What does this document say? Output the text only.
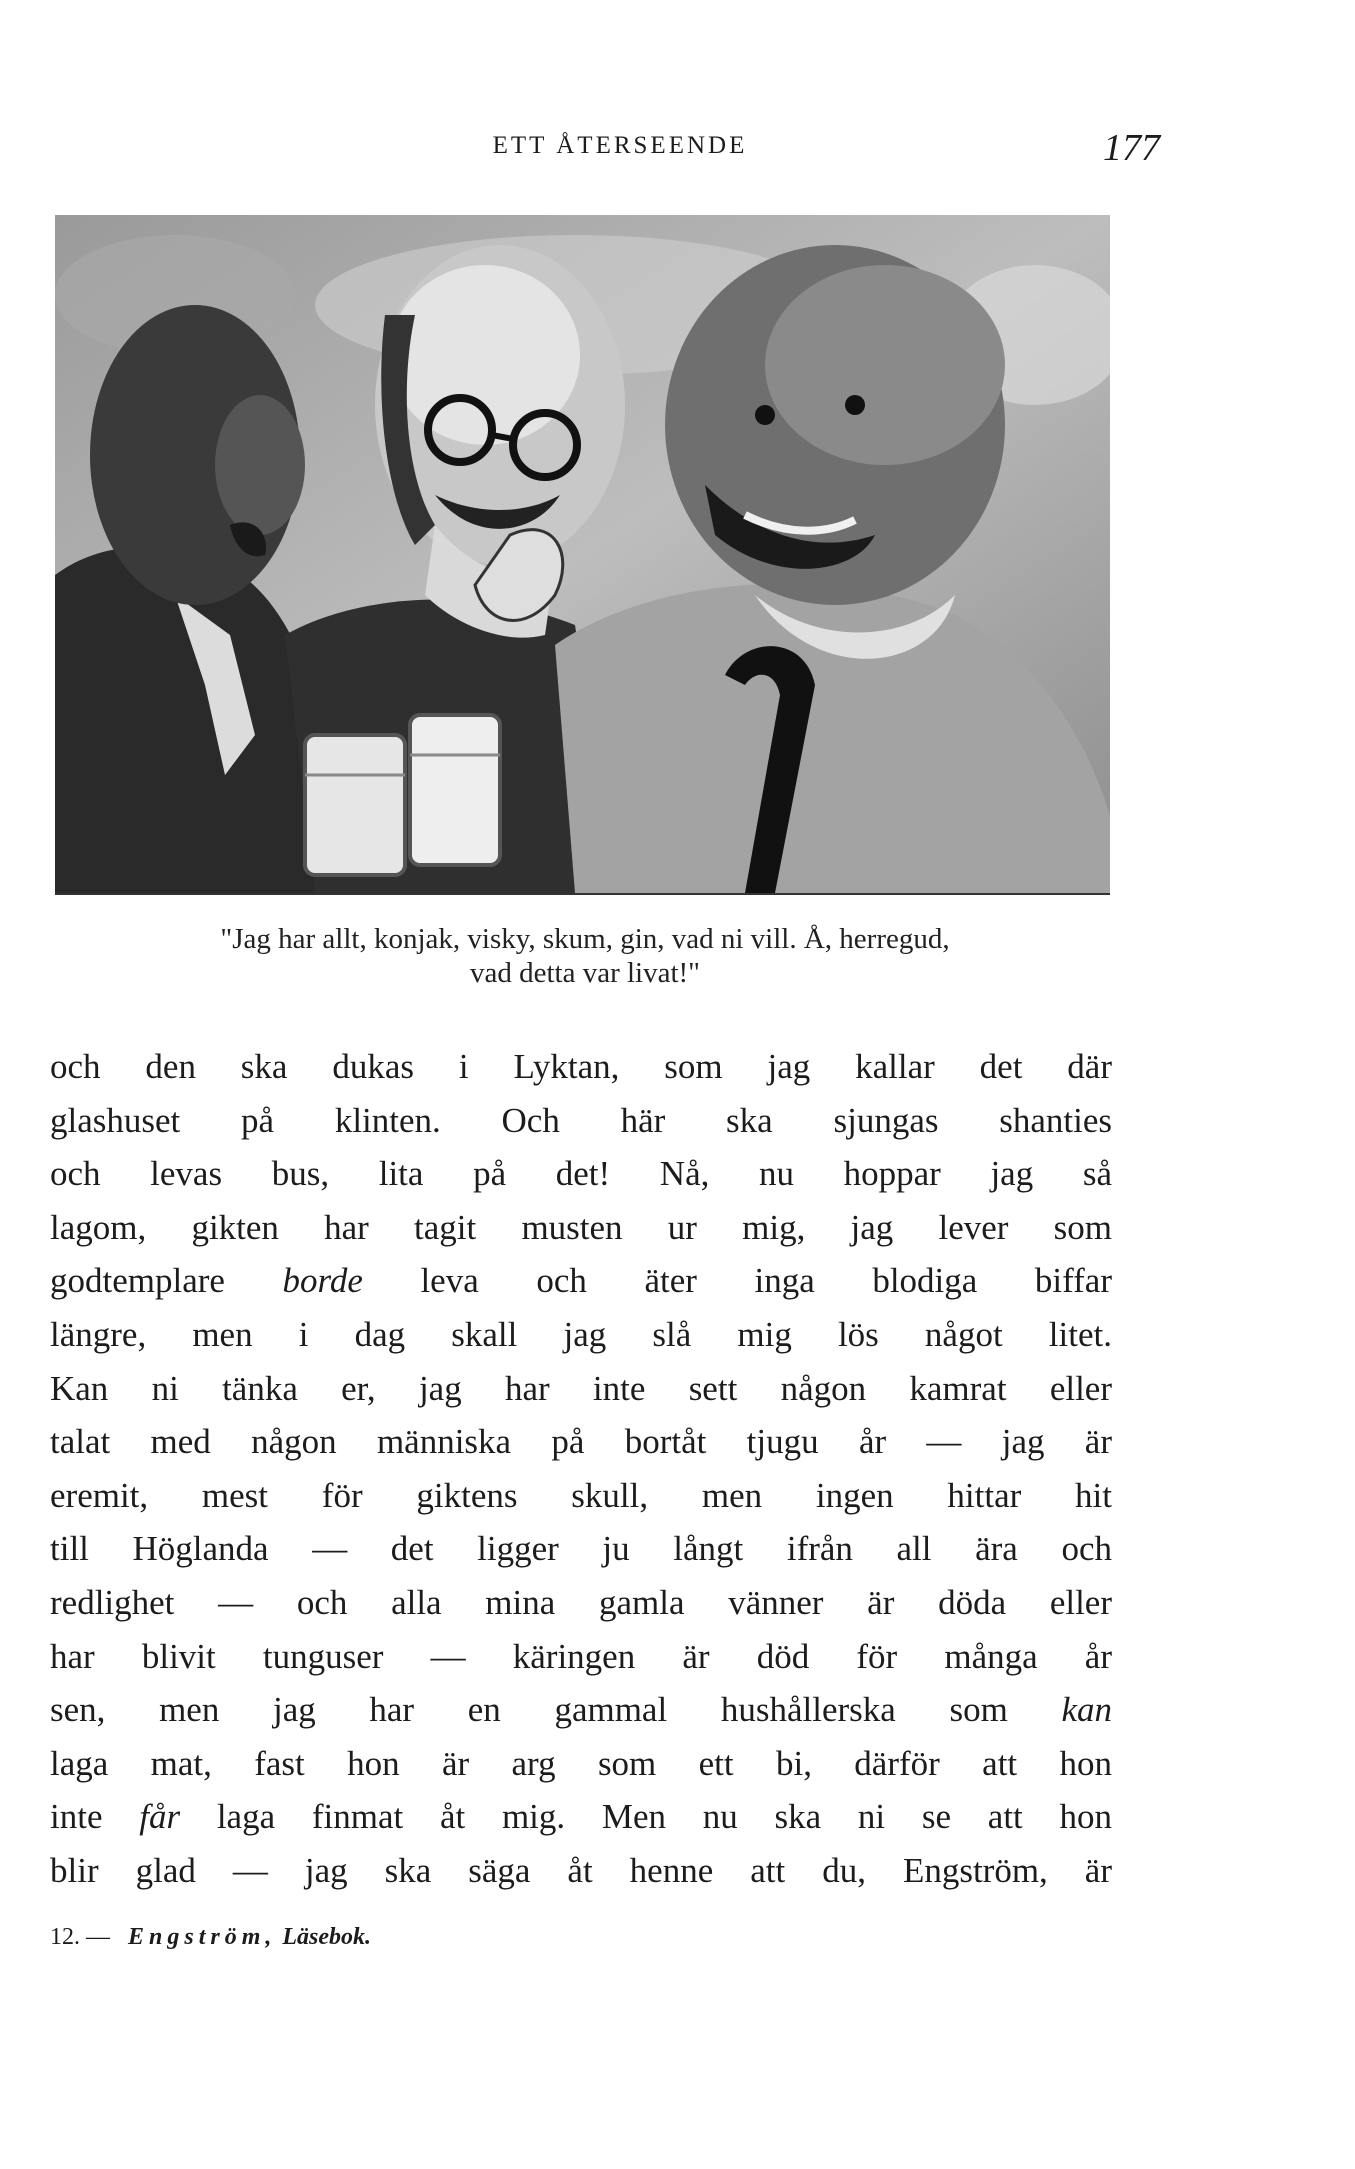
ETT ÅTERSEENDE	177
"Jag har allt, konjak, visky, skum, gin, vad ni vill. Å, herregud,
vad detta var livat!"
och den ska dukas i Lyktan, som jag kallar det där
glashuset på klinten. Och här ska sjungas shanties
och levas bus, lita på det! Nå, nu hoppar jag så
lagom, gikten har tagit musten ur mig, jag lever som
godtemplare borde leva och äter inga blodiga biffar
längre, men i dag skall jag slå mig lös något litet.
Kan ni tänka er, jag har inte sett någon kamrat eller
talat med någon människa på bortåt tjugu år — jag är
eremit, mest för giktens skull, men ingen hittar hit
till Höglanda — det ligger ju långt ifrån all ära och
redlighet — och alla mina gamla vänner är döda eller
har blivit tunguser — käringen är död för många år
sen, men jag har en gammal hushållerska som kan
laga mat, fast hon är arg som ett bi, därför att hon
inte får laga finmat åt mig. Men nu ska ni se att hon
blir glad — jag ska säga åt henne att du, Engström, är
12. — Engström, Läsebok.
